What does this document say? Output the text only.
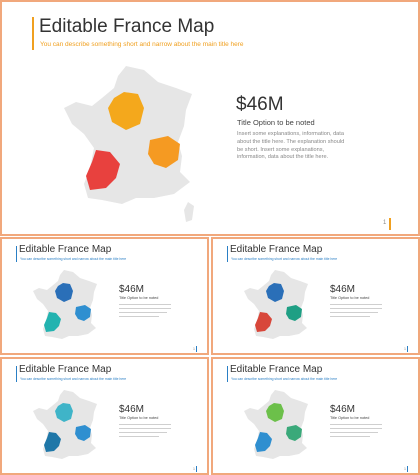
Editable France Map
You can describe something short and narrow about the main title here
$46M
Title Option to be noted
Insert some explanations, information, data about the title here. The explanation should be short. Insert some explanations, information, data about the title here.
1
Editable France Map
You can describe something short and narrow about the main title here
$46M
Title Option to be noted
1
Editable France Map
You can describe something short and narrow about the main title here
$46M
Title Option to be noted
1
Editable France Map
You can describe something short and narrow about the main title here
$46M
Title Option to be noted
1
Editable France Map
You can describe something short and narrow about the main title here
$46M
Title Option to be noted
1
